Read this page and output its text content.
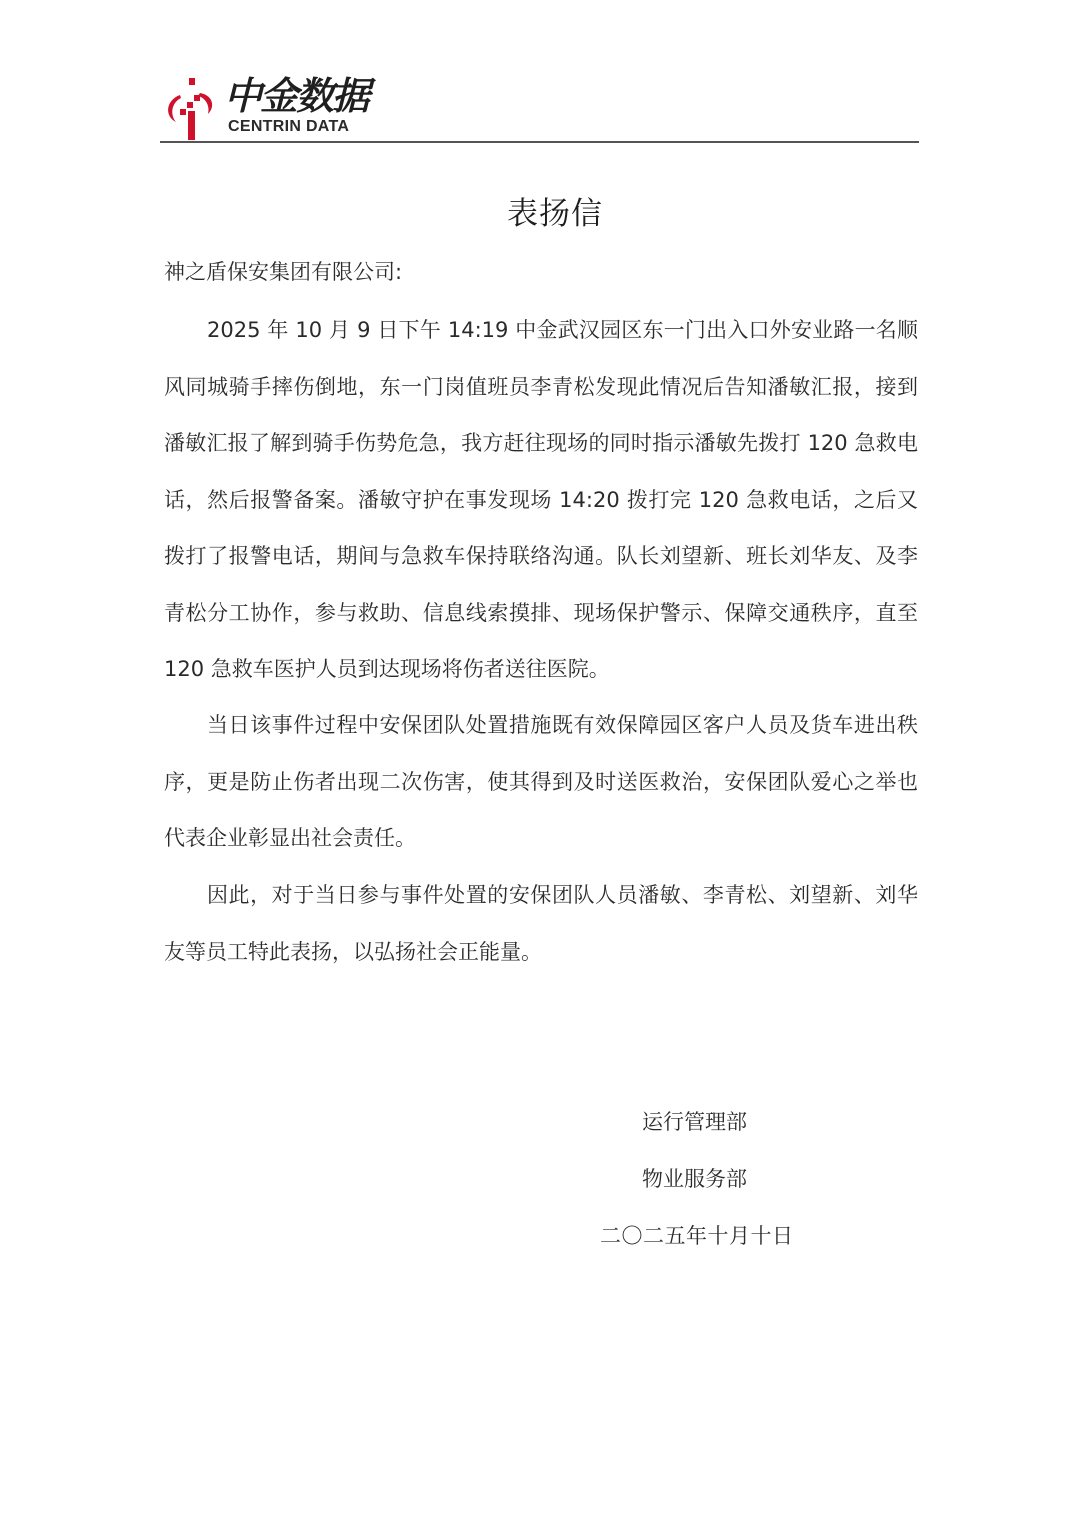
中金数据
CENTRIN DATA
表扬信
神之盾保安集团有限公司:

2025 年 10 月 9 日下午 14:19 中金武汉园区东一门出入口外安业路一名顺风同城骑手摔伤倒地，东一门岗值班员李青松发现此情况后告知潘敏汇报，接到潘敏汇报了解到骑手伤势危急，我方赶往现场的同时指示潘敏先拨打 120 急救电话，然后报警备案。潘敏守护在事发现场 14:20 拨打完 120 急救电话，之后又拨打了报警电话，期间与急救车保持联络沟通。队长刘望新、班长刘华友、及李青松分工协作，参与救助、信息线索摸排、现场保护警示、保障交通秩序，直至 120 急救车医护人员到达现场将伤者送往医院。

当日该事件过程中安保团队处置措施既有效保障园区客户人员及货车进出秩序，更是防止伤者出现二次伤害，使其得到及时送医救治，安保团队爱心之举也代表企业彰显出社会责任。

因此，对于当日参与事件处置的安保团队人员潘敏、李青松、刘望新、刘华友等员工特此表扬，以弘扬社会正能量。

运行管理部
物业服务部
二〇二五年十月十日
